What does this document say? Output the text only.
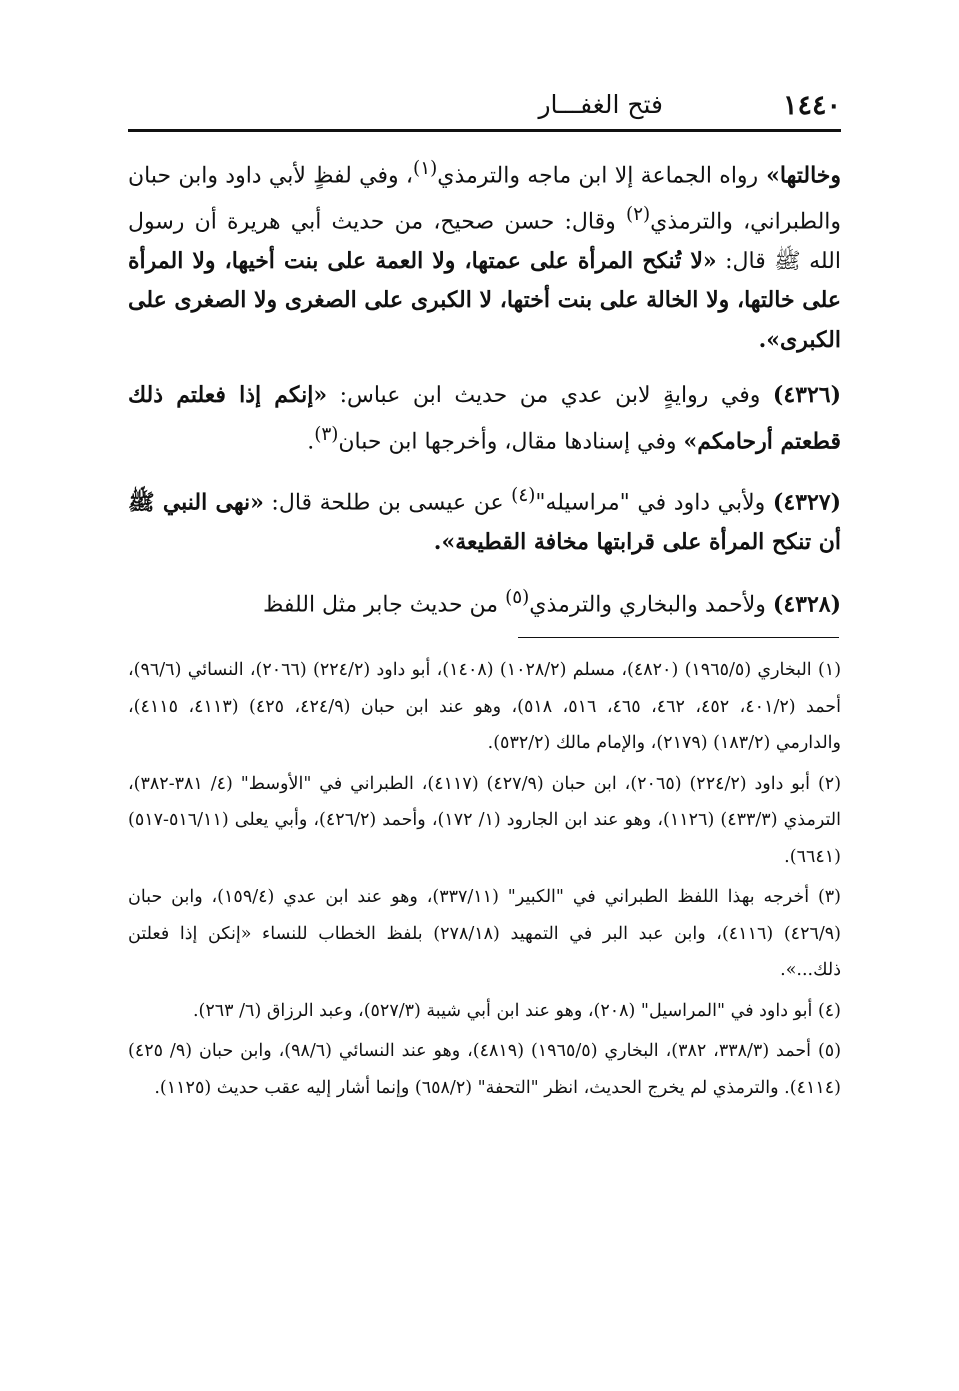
١٤٤٠
فتح الغفـــار

وخالتها» رواه الجماعة إلا ابن ماجه والترمذي$^{(١)}$، وفي لفظٍ لأبي داود وابن حبان والطبراني، والترمذي$^{(٢)}$ وقال: حسن صحيح، من حديث أبي هريرة أن رسول الله ﷺ قال: «لا تُنكح المرأة على عمتها، ولا العمة على بنت أخيها، ولا المرأة على خالتها، ولا الخالة على بنت أختها، لا الكبرى على الصغرى ولا الصغرى على الكبرى».

(٤٣٢٦) وفي روايةٍ لابن عدي من حديث ابن عباس: «إنكم إذا فعلتم ذلك قطعتم أرحامكم» وفي إسنادها مقال، وأخرجها ابن حبان$^{(٣)}$.

(٤٣٢٧) ولأبي داود في "مراسيله"$^{(٤)}$ عن عيسى بن طلحة قال: «نهى النبي ﷺ أن تنكح المرأة على قرابتها مخافة القطيعة».

(٤٣٢٨) ولأحمد والبخاري والترمذي$^{(٥)}$ من حديث جابر مثل اللفظ

(١) البخاري (١٩٦٥/٥) (٤٨٢٠)، مسلم (١٠٢٨/٢) (١٤٠٨)، أبو داود (٢٢٤/٢) (٢٠٦٦)، النسائي (٩٦/٦)، أحمد (٤٠١/٢، ٤٥٢، ٤٦٢، ٤٦٥، ٥١٦، ٥١٨)، وهو عند ابن حبان (٤٢٤/٩، ٤٢٥) (٤١١٣، ٤١١٥)، والدارمي (١٨٣/٢) (٢١٧٩)، والإمام مالك (٥٣٢/٢).

(٢) أبو داود (٢٢٤/٢) (٢٠٦٥)، ابن حبان (٤٢٧/٩) (٤١١٧)، الطبراني في "الأوسط" (٤/ ٣٨١-٣٨٢)، الترمذي (٤٣٣/٣) (١١٢٦)، وهو عند ابن الجارود (١/ ١٧٢)، وأحمد (٤٢٦/٢)، وأبي يعلى (٥١٦/١١-٥١٧) (٦٦٤١).

(٣) أخرجه بهذا اللفظ الطبراني في "الكبير" (٣٣٧/١١)، وهو عند ابن عدي (١٥٩/٤)، وابن حبان (٤٢٦/٩) (٤١١٦)، وابن عبد البر في التمهيد (٢٧٨/١٨) بلفظ الخطاب للنساء «إنكن إذا فعلتن ذلك...».

(٤) أبو داود في "المراسيل" (٢٠٨)، وهو عند ابن أبي شيبة (٥٢٧/٣)، وعبد الرزاق (٦/ ٢٦٣).

(٥) أحمد (٣٣٨/٣، ٣٨٢)، البخاري (١٩٦٥/٥) (٤٨١٩)، وهو عند النسائي (٩٨/٦)، وابن حبان (٩/ ٤٢٥) (٤١١٤). والترمذي لم يخرج الحديث، انظر "التحفة" (٦٥٨/٢) وإنما أشار إليه عقب حديث (١١٢٥).
